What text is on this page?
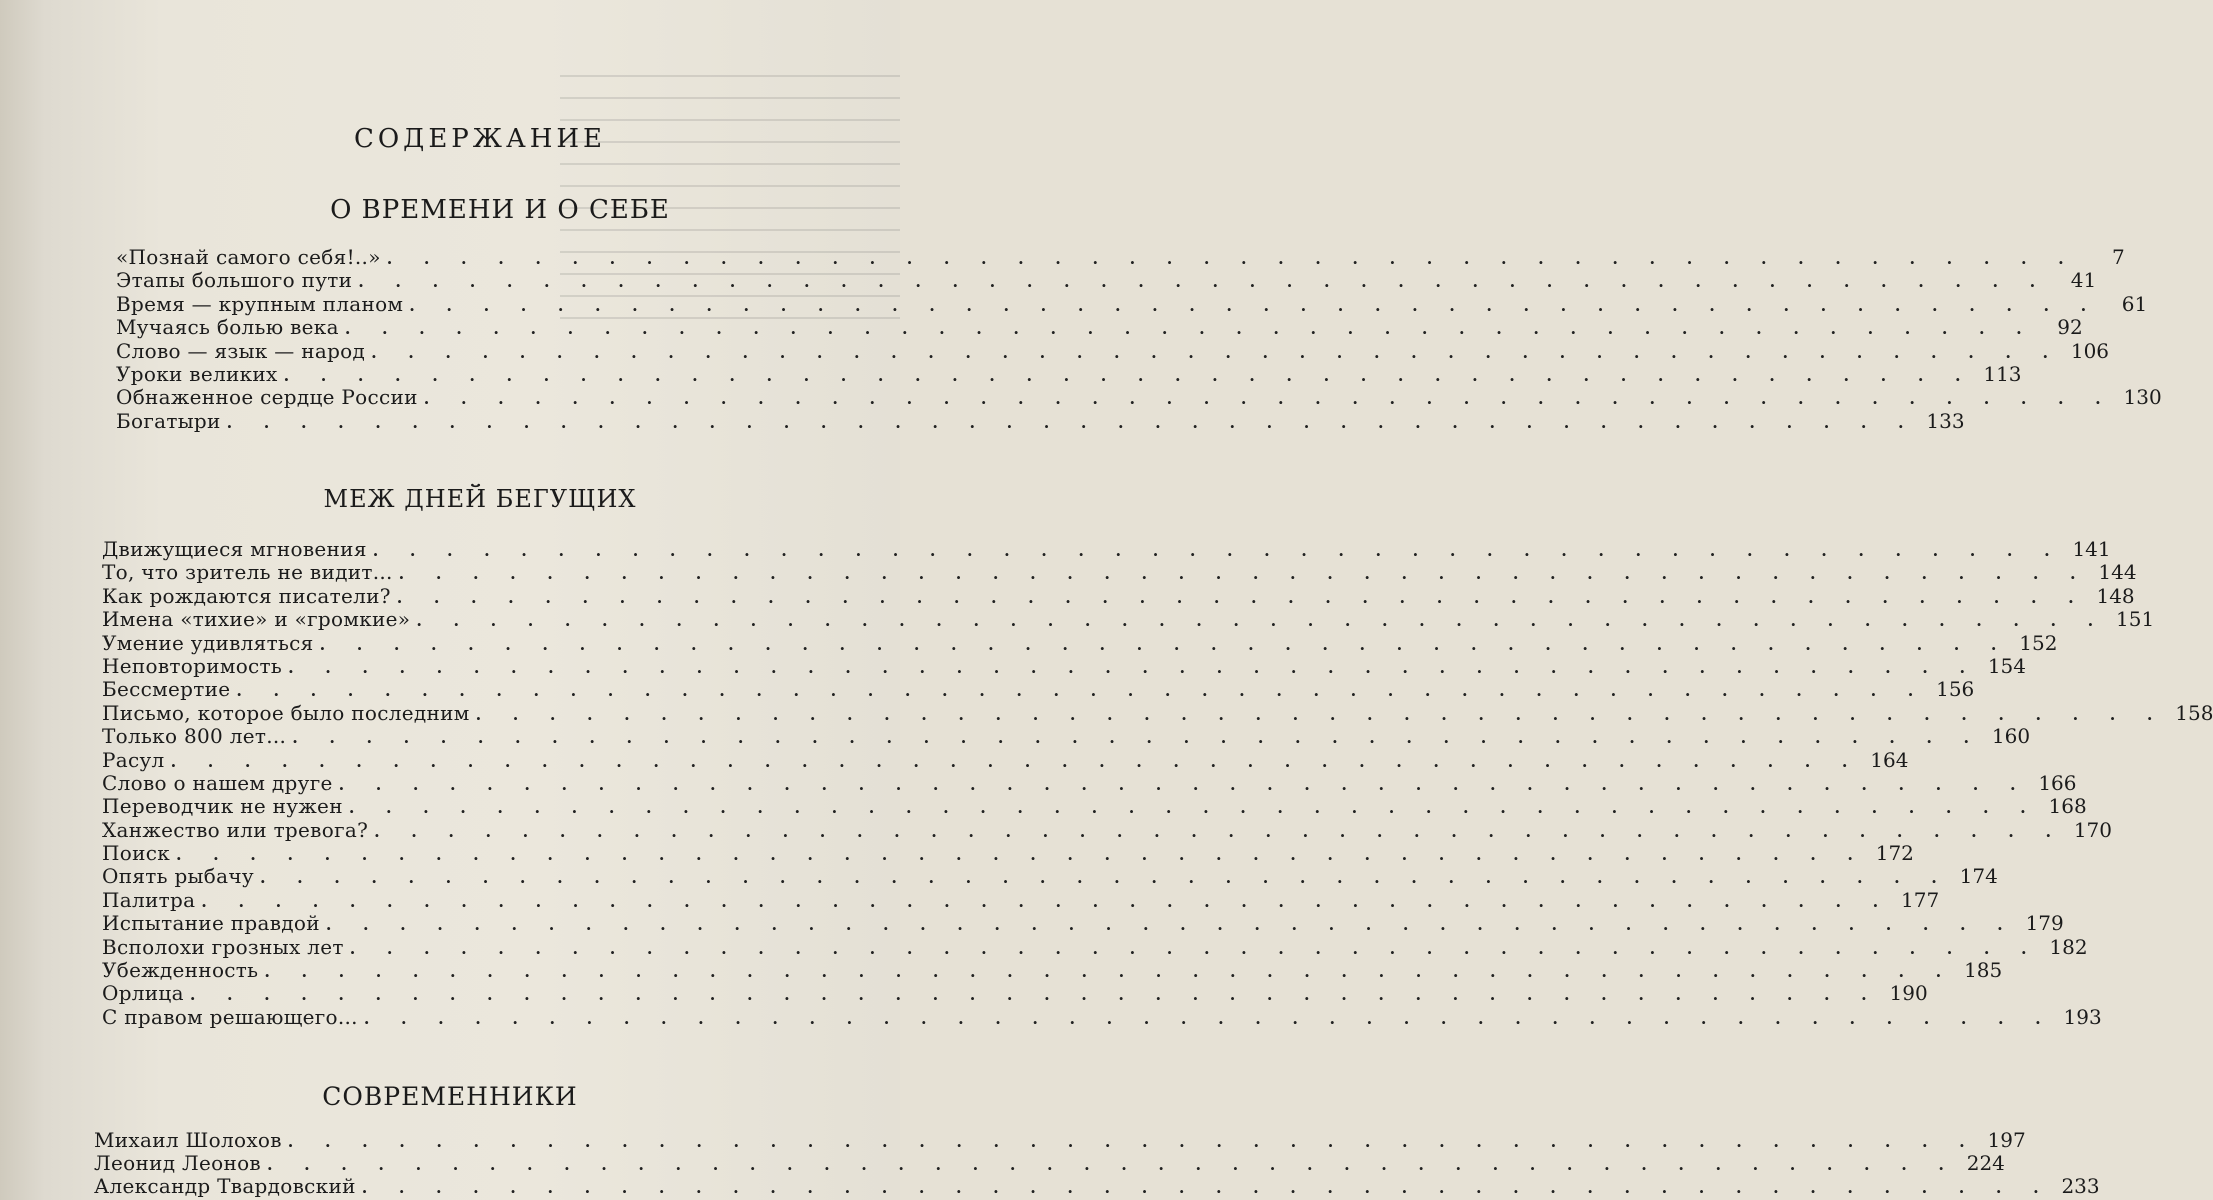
СОДЕРЖАНИЕ
О ВРЕМЕНИ И О СЕБЕ
«Познай самого себя!..» . . . . . . . . . . . . . . . . . . . . . . . . . . . . . . . . . . . . . . . . . . . . . .	7
Этапы большого пути . . . . . . . . . . . . . . . . . . . . . . . . . . . . . . . . . . . . . . . . . . . . . .	41
Время — крупным планом . . . . . . . . . . . . . . . . . . . . . . . . . . . . . . . . . . . . . . . . . . . . . .	61
Мучаясь болью века . . . . . . . . . . . . . . . . . . . . . . . . . . . . . . . . . . . . . . . . . . . . . .	92
Слово — язык — народ . . . . . . . . . . . . . . . . . . . . . . . . . . . . . . . . . . . . . . . . . . . . . . 106
Уроки великих . . . . . . . . . . . . . . . . . . . . . . . . . . . . . . . . . . . . . . . . . . . . . . 113
Обнаженное сердце России . . . . . . . . . . . . . . . . . . . . . . . . . . . . . . . . . . . . . . . . . . . . . . 130
Богатыри . . . . . . . . . . . . . . . . . . . . . . . . . . . . . . . . . . . . . . . . . . . . . . 133
МЕЖ ДНЕЙ БЕГУЩИХ
Движущиеся мгновения . . . . . . . . . . . . . . . . . . . . . . . . . . . . . . . . . . . . . . . . . . . . . . 141
То, что зритель не видит... . . . . . . . . . . . . . . . . . . . . . . . . . . . . . . . . . . . . . . . . . . . . . . 144
Как рождаются писатели? . . . . . . . . . . . . . . . . . . . . . . . . . . . . . . . . . . . . . . . . . . . . . . 148
Имена «тихие» и «громкие» . . . . . . . . . . . . . . . . . . . . . . . . . . . . . . . . . . . . . . . . . . . . . . 151
Умение удивляться . . . . . . . . . . . . . . . . . . . . . . . . . . . . . . . . . . . . . . . . . . . . . . 152
Неповторимость . . . . . . . . . . . . . . . . . . . . . . . . . . . . . . . . . . . . . . . . . . . . . . 154
Бессмертие . . . . . . . . . . . . . . . . . . . . . . . . . . . . . . . . . . . . . . . . . . . . . . 156
Письмо, которое было последним . . . . . . . . . . . . . . . . . . . . . . . . . . . . . . . . . . . . . . . . . . . . . . 158
Только 800 лет... . . . . . . . . . . . . . . . . . . . . . . . . . . . . . . . . . . . . . . . . . . . . . . 160
Расул . . . . . . . . . . . . . . . . . . . . . . . . . . . . . . . . . . . . . . . . . . . . . . 164
Слово о нашем друге . . . . . . . . . . . . . . . . . . . . . . . . . . . . . . . . . . . . . . . . . . . . . . 166
Переводчик не нужен . . . . . . . . . . . . . . . . . . . . . . . . . . . . . . . . . . . . . . . . . . . . . . 168
Ханжество или тревога? . . . . . . . . . . . . . . . . . . . . . . . . . . . . . . . . . . . . . . . . . . . . . . 170
Поиск . . . . . . . . . . . . . . . . . . . . . . . . . . . . . . . . . . . . . . . . . . . . . . 172
Опять рыбачу . . . . . . . . . . . . . . . . . . . . . . . . . . . . . . . . . . . . . . . . . . . . . . 174
Палитра . . . . . . . . . . . . . . . . . . . . . . . . . . . . . . . . . . . . . . . . . . . . . . 177
Испытание правдой . . . . . . . . . . . . . . . . . . . . . . . . . . . . . . . . . . . . . . . . . . . . . . 179
Всполохи грозных лет . . . . . . . . . . . . . . . . . . . . . . . . . . . . . . . . . . . . . . . . . . . . . . 182
Убежденность . . . . . . . . . . . . . . . . . . . . . . . . . . . . . . . . . . . . . . . . . . . . . . 185
Орлица . . . . . . . . . . . . . . . . . . . . . . . . . . . . . . . . . . . . . . . . . . . . . . 190
С правом решающего... . . . . . . . . . . . . . . . . . . . . . . . . . . . . . . . . . . . . . . . . . . . . . . 193
СОВРЕМЕННИКИ
Михаил Шолохов . . . . . . . . . . . . . . . . . . . . . . . . . . . . . . . . . . . . . . . . . . . . . . 197
Леонид Леонов . . . . . . . . . . . . . . . . . . . . . . . . . . . . . . . . . . . . . . . . . . . . . . 224
Александр Твардовский . . . . . . . . . . . . . . . . . . . . . . . . . . . . . . . . . . . . . . . . . . . . . . 233
